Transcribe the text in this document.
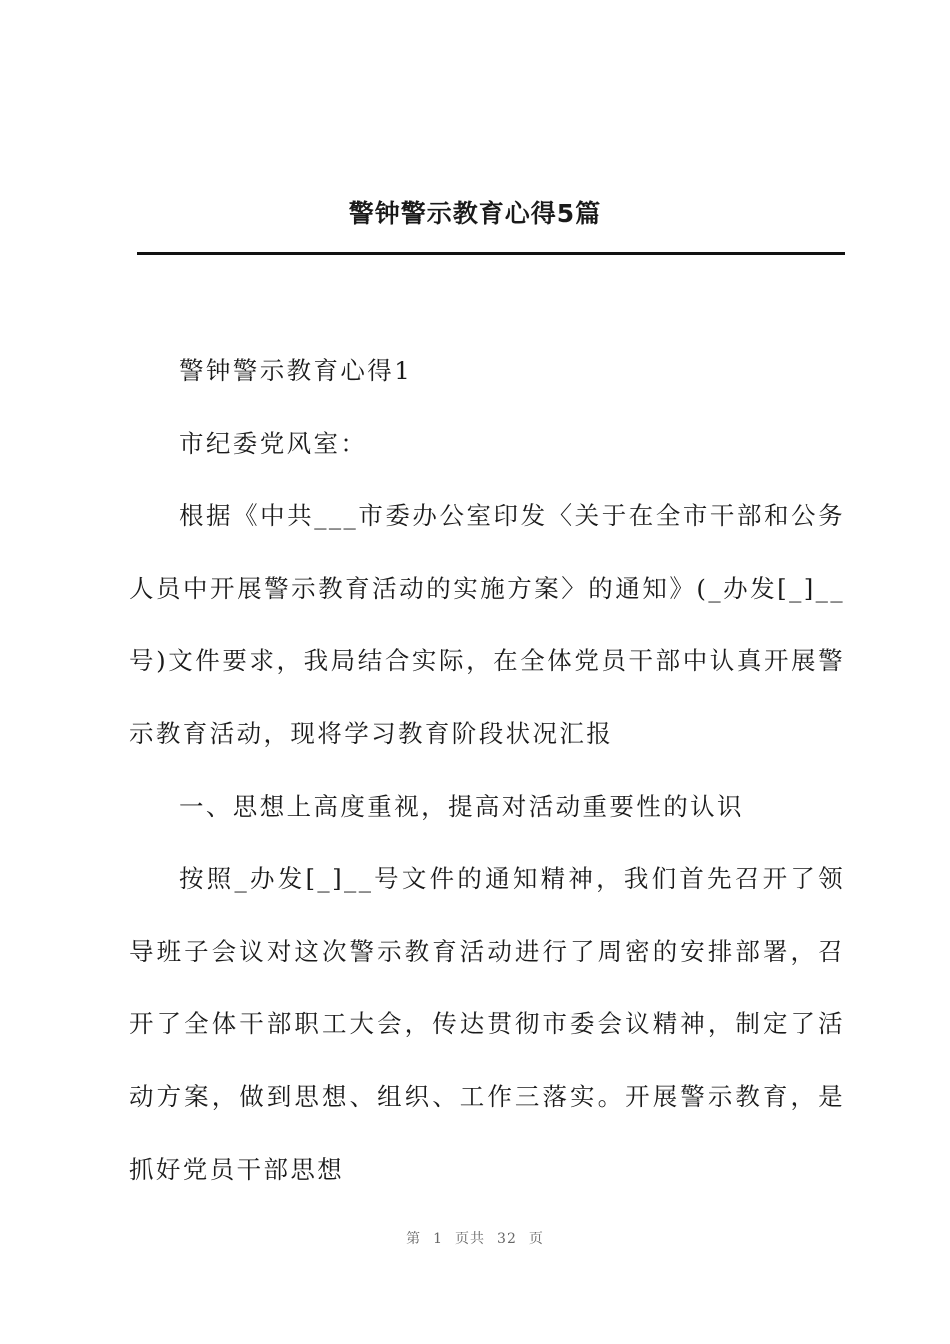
警钟警示教育心得5篇

警钟警示教育心得1

市纪委党风室：

根据《中共___市委办公室印发〈关于在全市干部和公务人员中开展警示教育活动的实施方案〉的通知》(_办发[_]__号)文件要求，我局结合实际，在全体党员干部中认真开展警示教育活动，现将学习教育阶段状况汇报

一、思想上高度重视，提高对活动重要性的认识

按照_办发[_]__号文件的通知精神，我们首先召开了领导班子会议对这次警示教育活动进行了周密的安排部署，召开了全体干部职工大会，传达贯彻市委会议精神，制定了活动方案，做到思想、组织、工作三落实。开展警示教育，是抓好党员干部思想

第 1 页共 32 页
